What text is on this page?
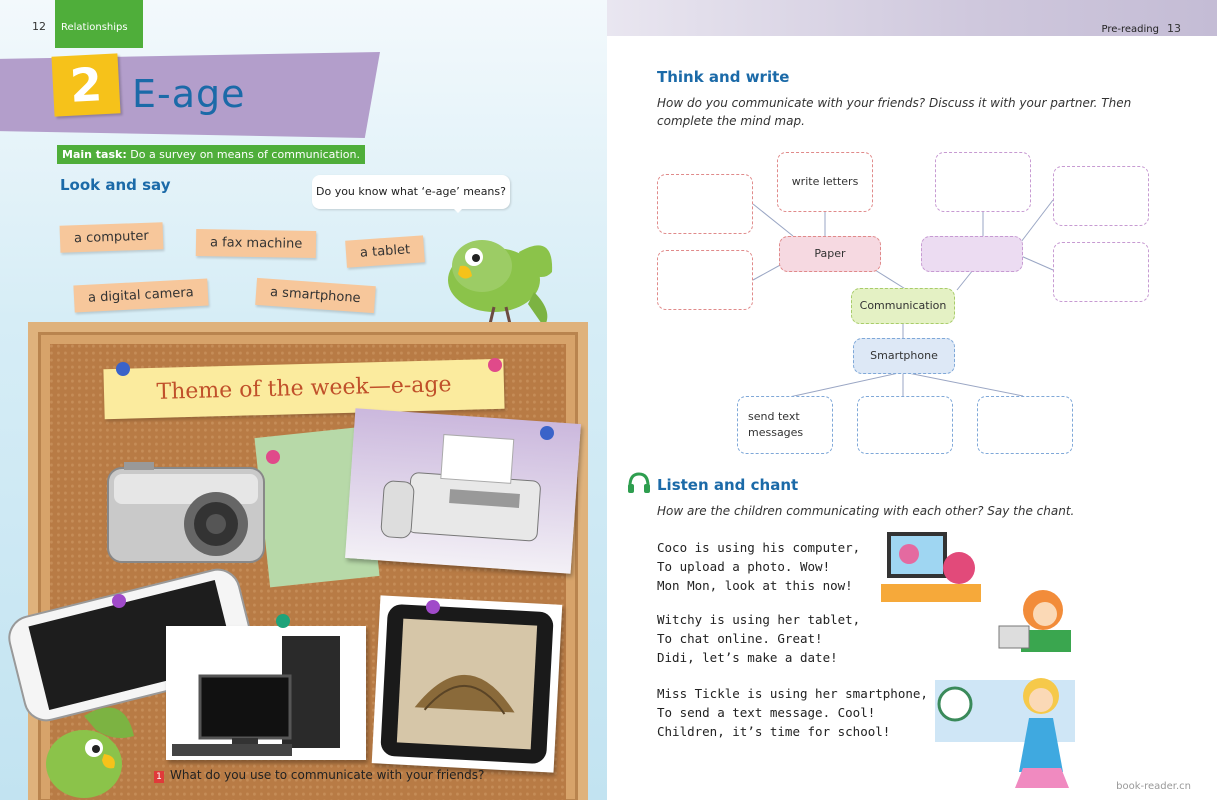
12	Relationships
2 E-age
Main task: Do a survey on means of communication.
Look and say	Do you know what ‘e-age’ means?
a computer	a fax machine	a tablet
a digital camera	a smartphone
Theme of the week—e-age
1 What do you use to communicate with your friends?
Pre-reading 13
Think and write
How do you communicate with your friends? Discuss it with your partner. Then complete the mind map.
write letters
Paper
Communication
Smartphone
send text messages
Listen and chant
How are the children communicating with each other? Say the chant.
Coco is using his computer,
To upload a photo. Wow!
Mon Mon, look at this now!
Witchy is using her tablet,
To chat online. Great!
Didi, let’s make a date!
Miss Tickle is using her smartphone,
To send a text message. Cool!
Children, it’s time for school!
book-reader.cn
